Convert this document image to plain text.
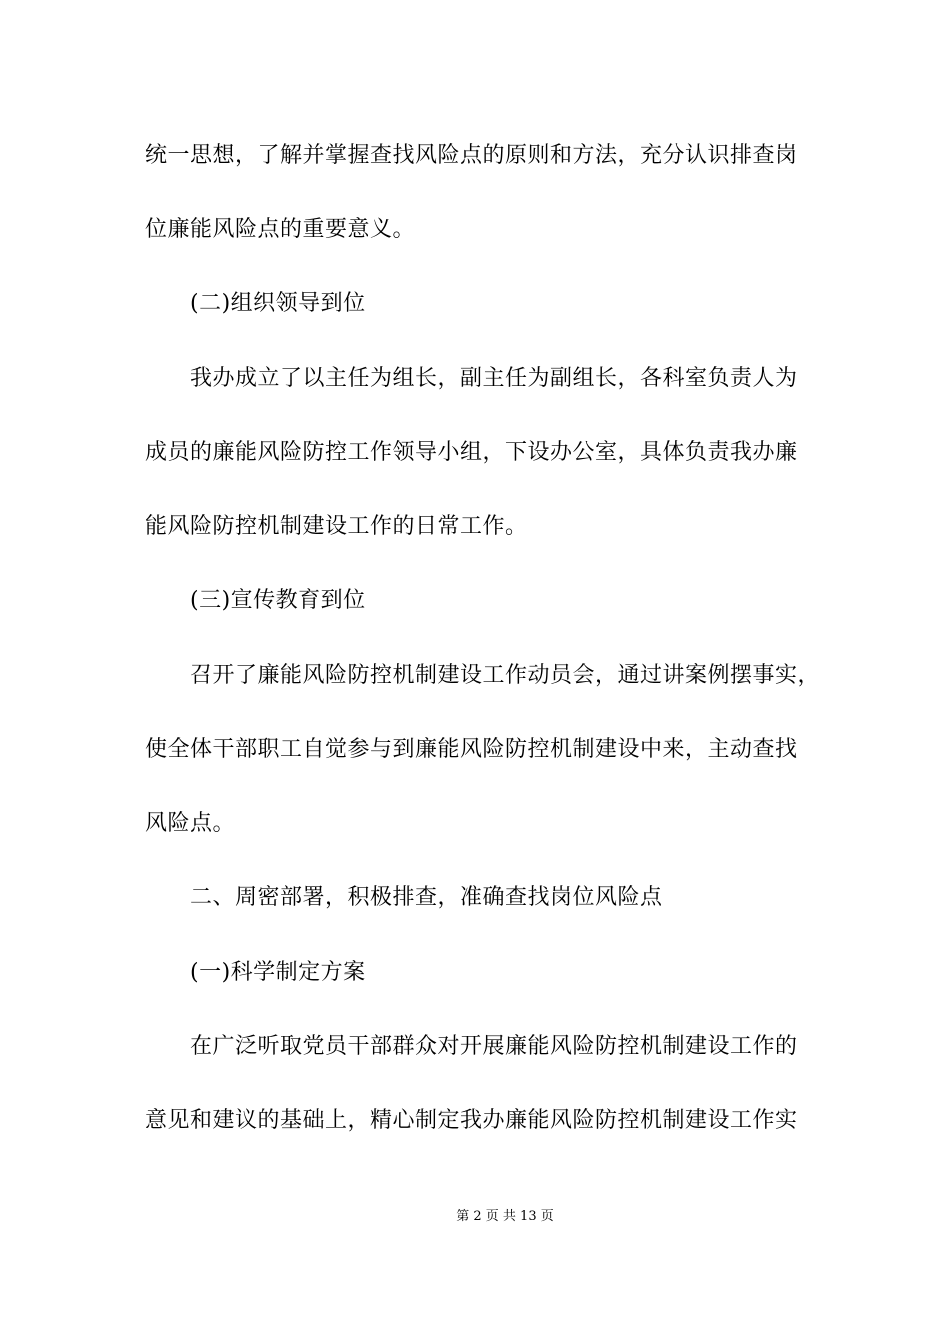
统一思想，了解并掌握查找风险点的原则和方法，充分认识排查岗
位廉能风险点的重要意义。
(二)组织领导到位
我办成立了以主任为组长，副主任为副组长，各科室负责人为
成员的廉能风险防控工作领导小组，下设办公室，具体负责我办廉
能风险防控机制建设工作的日常工作。
(三)宣传教育到位
召开了廉能风险防控机制建设工作动员会，通过讲案例摆事实，
使全体干部职工自觉参与到廉能风险防控机制建设中来，主动查找
风险点。
二、周密部署，积极排查，准确查找岗位风险点
(一)科学制定方案
在广泛听取党员干部群众对开展廉能风险防控机制建设工作的
意见和建议的基础上，精心制定我办廉能风险防控机制建设工作实
第 2 页 共 13 页
